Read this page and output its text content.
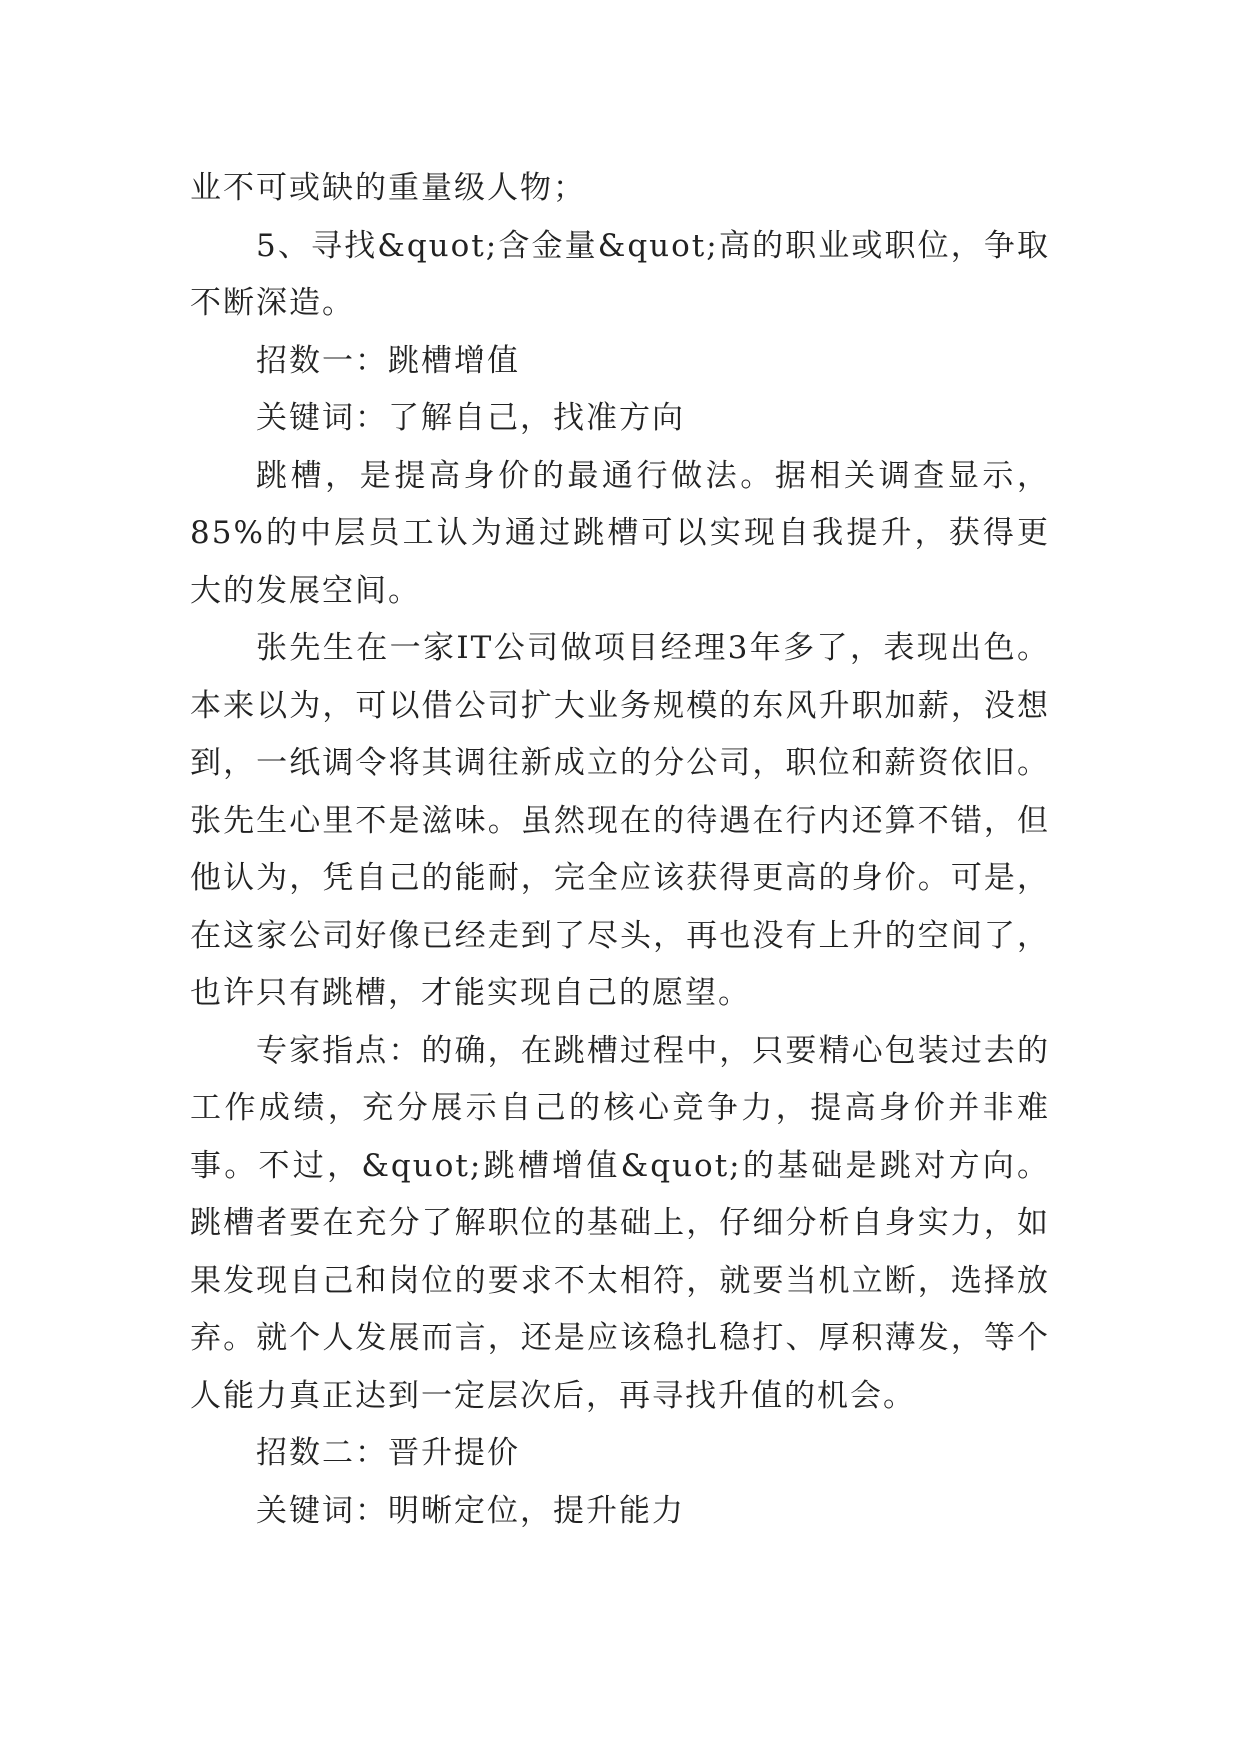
业不可或缺的重量级人物；

5、寻找&quot;含金量&quot;高的职业或职位，争取不断深造。

招数一：跳槽增值

关键词：了解自己，找准方向

跳槽，是提高身价的最通行做法。据相关调查显示，85%的中层员工认为通过跳槽可以实现自我提升，获得更大的发展空间。

张先生在一家IT公司做项目经理3年多了，表现出色。本来以为，可以借公司扩大业务规模的东风升职加薪，没想到，一纸调令将其调往新成立的分公司，职位和薪资依旧。张先生心里不是滋味。虽然现在的待遇在行内还算不错，但他认为，凭自己的能耐，完全应该获得更高的身价。可是，在这家公司好像已经走到了尽头，再也没有上升的空间了，也许只有跳槽，才能实现自己的愿望。

专家指点：的确，在跳槽过程中，只要精心包装过去的工作成绩，充分展示自己的核心竞争力，提高身价并非难事。不过，&quot;跳槽增值&quot;的基础是跳对方向。跳槽者要在充分了解职位的基础上，仔细分析自身实力，如果发现自己和岗位的要求不太相符，就要当机立断，选择放弃。就个人发展而言，还是应该稳扎稳打、厚积薄发，等个人能力真正达到一定层次后，再寻找升值的机会。

招数二：晋升提价

关键词：明晰定位，提升能力
